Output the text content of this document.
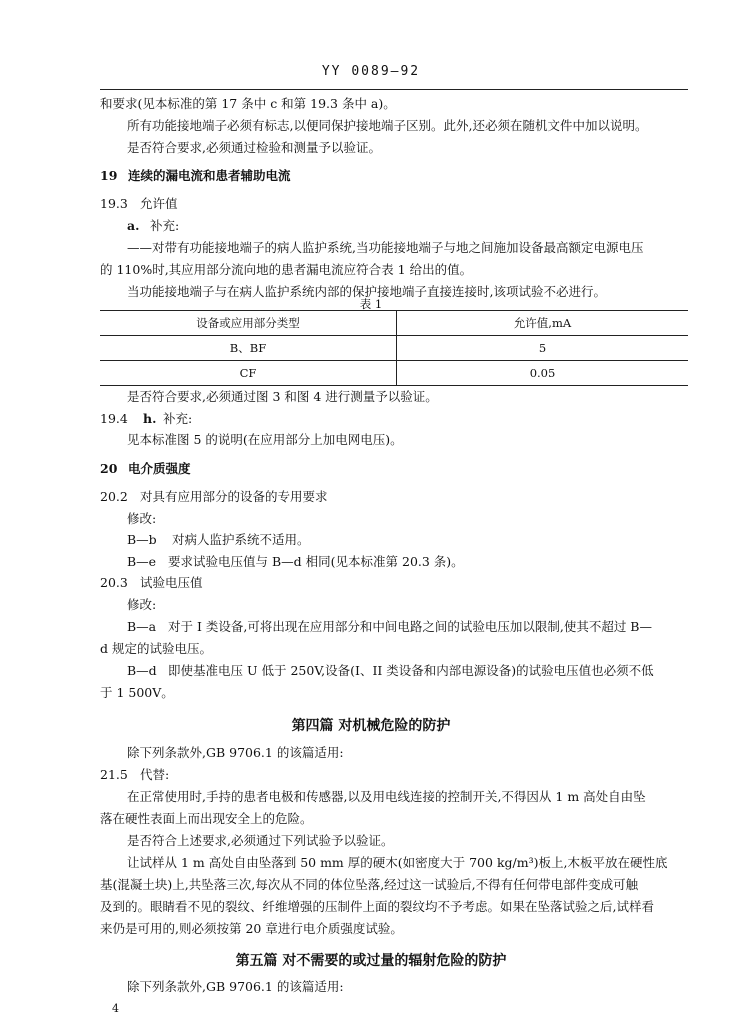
YY 0089—92
和要求(见本标准的第 17 条中 c 和第 19.3 条中 a)。
所有功能接地端子必须有标志,以便同保护接地端子区别。此外,还必须在随机文件中加以说明。
是否符合要求,必须通过检验和测量予以验证。
19 连续的漏电流和患者辅助电流
19.3 允许值
a. 补充:
——对带有功能接地端子的病人监护系统,当功能接地端子与地之间施加设备最高额定电源电压
的 110%时,其应用部分流向地的患者漏电流应符合表 1 给出的值。
当功能接地端子与在病人监护系统内部的保护接地端子直接连接时,该项试验不必进行。
表 1
设备或应用部分类型	允许值,mA
B、BF	5
CF	0.05
是否符合要求,必须通过图 3 和图 4 进行测量予以验证。
19.4 h. 补充:
见本标准图 5 的说明(在应用部分上加电网电压)。
20 电介质强度
20.2 对具有应用部分的设备的专用要求
修改:
B—b 对病人监护系统不适用。
B—e 要求试验电压值与 B—d 相同(见本标准第 20.3 条)。
20.3 试验电压值
修改:
B—a 对于 I 类设备,可将出现在应用部分和中间电路之间的试验电压加以限制,使其不超过 B—
d 规定的试验电压。
B—d 即使基准电压 U 低于 250V,设备(I、II 类设备和内部电源设备)的试验电压值也必须不低
于 1 500V。
第四篇 对机械危险的防护
除下列条款外,GB 9706.1 的该篇适用:
21.5 代替:
在正常使用时,手持的患者电极和传感器,以及用电线连接的控制开关,不得因从 1 m 高处自由坠
落在硬性表面上而出现安全上的危险。
是否符合上述要求,必须通过下列试验予以验证。
让试样从 1 m 高处自由坠落到 50 mm 厚的硬木(如密度大于 700 kg/m³)板上,木板平放在硬性底
基(混凝土块)上,共坠落三次,每次从不同的体位坠落,经过这一试验后,不得有任何带电部件变成可触
及到的。眼睛看不见的裂纹、纤维增强的压制件上面的裂纹均不予考虑。如果在坠落试验之后,试样看
来仍是可用的,则必须按第 20 章进行电介质强度试验。
第五篇 对不需要的或过量的辐射危险的防护
除下列条款外,GB 9706.1 的该篇适用:
4
